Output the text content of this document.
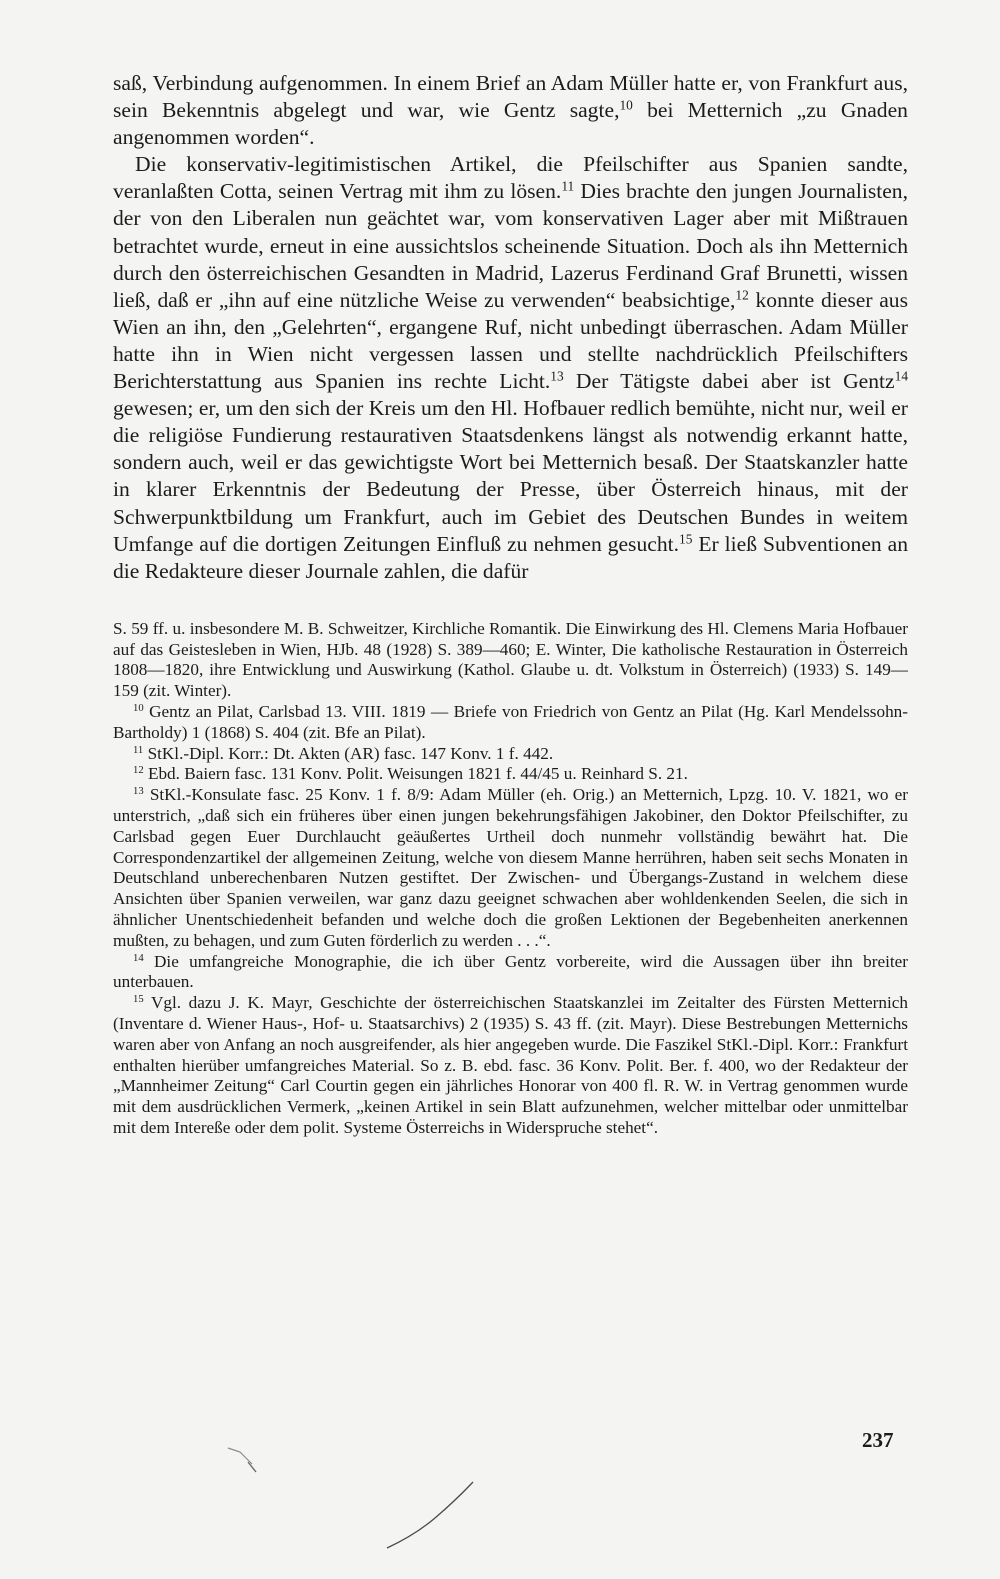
saß, Verbindung aufgenommen. In einem Brief an Adam Müller hatte er, von Frankfurt aus, sein Bekenntnis abgelegt und war, wie Gentz sagte,$^{10}$ bei Metternich „zu Gnaden angenommen worden“.

Die konservativ-legitimistischen Artikel, die Pfeilschifter aus Spanien sandte, veranlaßten Cotta, seinen Vertrag mit ihm zu lösen.$^{11}$ Dies brachte den jungen Journalisten, der von den Liberalen nun geächtet war, vom konservativen Lager aber mit Mißtrauen betrachtet wurde, erneut in eine aussichtslos scheinende Situation. Doch als ihn Metternich durch den österreichischen Gesandten in Madrid, Lazerus Ferdinand Graf Brunetti, wissen ließ, daß er „ihn auf eine nützliche Weise zu verwenden“ beabsichtige,$^{12}$ konnte dieser aus Wien an ihn, den „Gelehrten“, ergangene Ruf, nicht unbedingt überraschen. Adam Müller hatte ihn in Wien nicht vergessen lassen und stellte nachdrücklich Pfeilschifters Berichterstattung aus Spanien ins rechte Licht.$^{13}$ Der Tätigste dabei aber ist Gentz$^{14}$ gewesen; er, um den sich der Kreis um den Hl. Hofbauer redlich bemühte, nicht nur, weil er die religiöse Fundierung restaurativen Staatsdenkens längst als notwendig erkannt hatte, sondern auch, weil er das gewichtigste Wort bei Metternich besaß. Der Staatskanzler hatte in klarer Erkenntnis der Bedeutung der Presse, über Österreich hinaus, mit der Schwerpunktbildung um Frankfurt, auch im Gebiet des Deutschen Bundes in weitem Umfange auf die dortigen Zeitungen Einfluß zu nehmen gesucht.$^{15}$ Er ließ Subventionen an die Redakteure dieser Journale zahlen, die dafür

S. 59 ff. u. insbesondere M. B. Schweitzer, Kirchliche Romantik. Die Einwirkung des Hl. Clemens Maria Hofbauer auf das Geistesleben in Wien, HJb. 48 (1928) S. 389—460; E. Winter, Die katholische Restauration in Österreich 1808—1820, ihre Entwicklung und Auswirkung (Kathol. Glaube u. dt. Volkstum in Österreich) (1933) S. 149—159 (zit. Winter).

$^{10}$ Gentz an Pilat, Carlsbad 13. VIII. 1819 — Briefe von Friedrich von Gentz an Pilat (Hg. Karl Mendelssohn-Bartholdy) 1 (1868) S. 404 (zit. Bfe an Pilat).

$^{11}$ StKl.-Dipl. Korr.: Dt. Akten (AR) fasc. 147 Konv. 1 f. 442.

$^{12}$ Ebd. Baiern fasc. 131 Konv. Polit. Weisungen 1821 f. 44/45 u. Reinhard S. 21.

$^{13}$ StKl.-Konsulate fasc. 25 Konv. 1 f. 8/9: Adam Müller (eh. Orig.) an Metternich, Lpzg. 10. V. 1821, wo er unterstrich, „daß sich ein früheres über einen jungen bekehrungsfähigen Jakobiner, den Doktor Pfeilschifter, zu Carlsbad gegen Euer Durchlaucht geäußertes Urtheil doch nunmehr vollständig bewährt hat. Die Correspondenzartikel der allgemeinen Zeitung, welche von diesem Manne herrühren, haben seit sechs Monaten in Deutschland unberechenbaren Nutzen gestiftet. Der Zwischen- und Übergangs-Zustand in welchem diese Ansichten über Spanien verweilen, war ganz dazu geeignet schwachen aber wohldenkenden Seelen, die sich in ähnlicher Unentschiedenheit befanden und welche doch die großen Lektionen der Begebenheiten anerkennen mußten, zu behagen, und zum Guten förderlich zu werden . . .“.

$^{14}$ Die umfangreiche Monographie, die ich über Gentz vorbereite, wird die Aussagen über ihn breiter unterbauen.

$^{15}$ Vgl. dazu J. K. Mayr, Geschichte der österreichischen Staatskanzlei im Zeitalter des Fürsten Metternich (Inventare d. Wiener Haus-, Hof- u. Staatsarchivs) 2 (1935) S. 43 ff. (zit. Mayr). Diese Bestrebungen Metternichs waren aber von Anfang an noch ausgreifender, als hier angegeben wurde. Die Faszikel StKl.-Dipl. Korr.: Frankfurt enthalten hierüber umfangreiches Material. So z. B. ebd. fasc. 36 Konv. Polit. Ber. f. 400, wo der Redakteur der „Mannheimer Zeitung“ Carl Courtin gegen ein jährliches Honorar von 400 fl. R. W. in Vertrag genommen wurde mit dem ausdrücklichen Vermerk, „keinen Artikel in sein Blatt aufzunehmen, welcher mittelbar oder unmittelbar mit dem Intereße oder dem polit. Systeme Österreichs in Widerspruche stehet“.

237
